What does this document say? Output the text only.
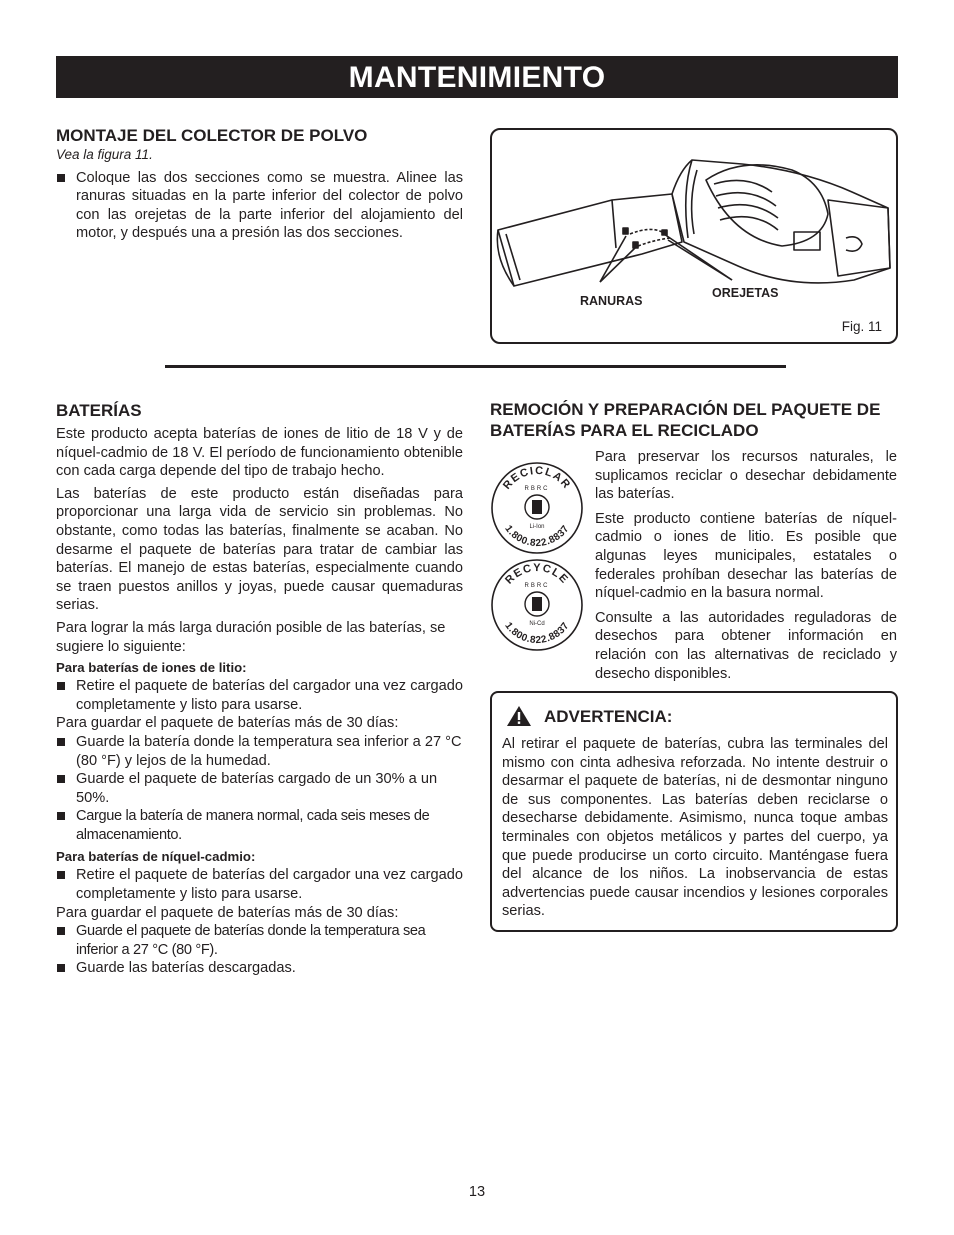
MANTENIMIENTO
MONTAJE DEL COLECTOR DE POLVO

Vea la figura 11.

Coloque las dos secciones como se muestra. Alinee las ranuras situadas en la parte inferior del colector de polvo con las orejetas de la parte inferior del alojamiento del motor, y después una a presión las dos secciones.

RANURAS
OREJETAS
Fig. 11
BATERÍAS

Este producto acepta baterías de iones de litio de 18 V y de níquel-cadmio de 18 V. El período de funcionamiento obtenible con cada carga depende del tipo de trabajo hecho.

Las baterías de este producto están diseñadas para proporcionar una larga vida de servicio sin problemas. No obstante, como todas las baterías, finalmente se acaban. No desarme el paquete de baterías para tratar de cambiar las baterías. El manejo de estas baterías, especialmente cuando se traen puestos anillos y joyas, puede causar quemaduras serias.

Para lograr la más larga duración posible de las baterías, se sugiere lo siguiente:

Para baterías de iones de litio:

Retire el paquete de baterías del cargador una vez cargado completamente y listo para usarse.

Para guardar el paquete de baterías más de 30 días:

Guarde la batería donde la temperatura sea inferior a 27 °C (80 °F) y lejos de la humedad.

Guarde el paquete de baterías cargado de un 30% a un 50%.

Cargue la batería de manera normal, cada seis meses de almacenamiento.

Para baterías de níquel-cadmio:

Retire el paquete de baterías del cargador una vez cargado completamente y listo para usarse.

Para guardar el paquete de baterías más de 30 días:

Guarde el paquete de baterías donde la temperatura sea inferior a 27 °C (80 °F).

Guarde las baterías descargadas.

REMOCIÓN Y PREPARACIÓN DEL PAQUETE DE BATERÍAS PARA EL RECICLADO
RECICLAR
1.800.822.8837
RBRC
Li-Ion
RECYCLE
1.800.822.8837
RBRC
Ni-Cd

Para preservar los recursos naturales, le suplicamos reciclar o desechar debidamente las baterías.

Este producto contiene baterías de níquel-cadmio o iones de litio. Es posible que algunas leyes municipales, estatales o federales prohíban desechar las baterías de níquel-cadmio en la basura normal.

Consulte a las autoridades reguladoras de desechos para obtener información en relación con las alternativas de reciclado y desecho disponibles.

ADVERTENCIA:

Al retirar el paquete de baterías, cubra las terminales del mismo con cinta adhesiva reforzada. No intente destruir o desarmar el paquete de baterías, ni de desmontar ninguno de sus componentes. Las baterías deben reciclarse o desecharse debidamente. Asimismo, nunca toque ambas terminales con objetos metálicos y partes del cuerpo, ya que puede producirse un corto circuito. Manténgase fuera del alcance de los niños. La inobservancia de estas advertencias puede causar incendios y lesiones corporales serias.

13
